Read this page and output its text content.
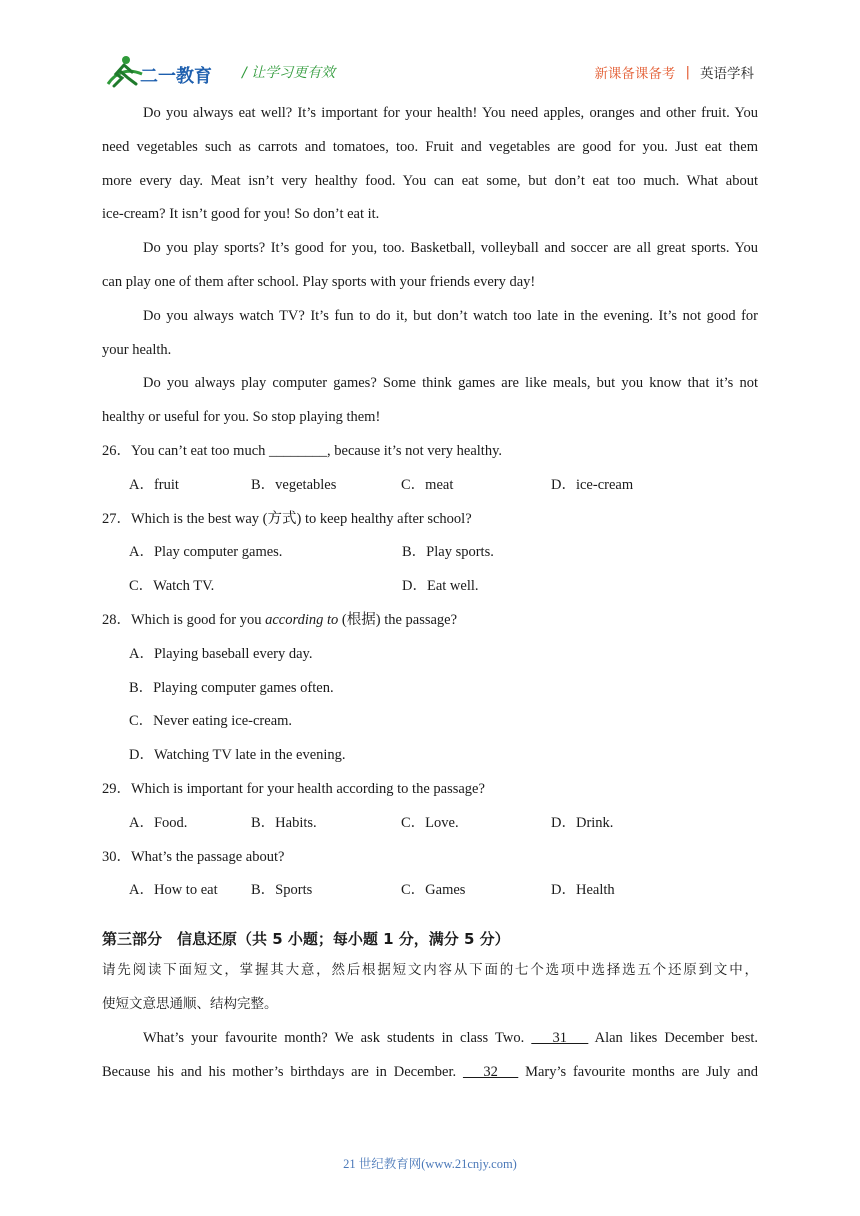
二一教育 / 让学习更有效	新课备课备考 | 英语学科
Do you always eat well? It’s important for your health! You need apples, oranges and other fruit. You
need vegetables such as carrots and tomatoes, too. Fruit and vegetables are good for you. Just eat them
more every day. Meat isn’t very healthy food. You can eat some, but don’t eat too much. What about
ice-cream? It isn’t good for you! So don’t eat it.
Do you play sports? It’s good for you, too. Basketball, volleyball and soccer are all great sports. You
can play one of them after school. Play sports with your friends every day!
Do you always watch TV? It’s fun to do it, but don’t watch too late in the evening. It’s not good for
your health.
Do you always play computer games? Some think games are like meals, but you know that it’s not
healthy or useful for you. So stop playing them!
26．You can’t eat too much ________, because it’s not very healthy.
A．fruit	B．vegetables	C．meat	D．ice-cream
27．Which is the best way (方式) to keep healthy after school?
A．Play computer games.	B．Play sports.
C．Watch TV.	D．Eat well.
28．Which is good for you according to (根据) the passage?
A．Playing baseball every day.
B．Playing computer games often.
C．Never eating ice-cream.
D．Watching TV late in the evening.
29．Which is important for your health according to the passage?
A．Food.	B．Habits.	C．Love.	D．Drink.
30．What’s the passage about?
A．How to eat B．Sports	C．Games	D．Health
第三部分　信息还原（共 5 小题；每小题 1 分，满分 5 分）
请先阅读下面短文，掌握其大意，然后根据短文内容从下面的七个选项中选择选五个还原到文中，
使短文意思通顺、结构完整。
What’s your favourite month? We ask students in class Two.    31    Alan likes December best.
Because his and his mother’s birthdays are in December.    32    Mary’s favourite months are July and
21 世纪教育网(www.21cnjy.com)
